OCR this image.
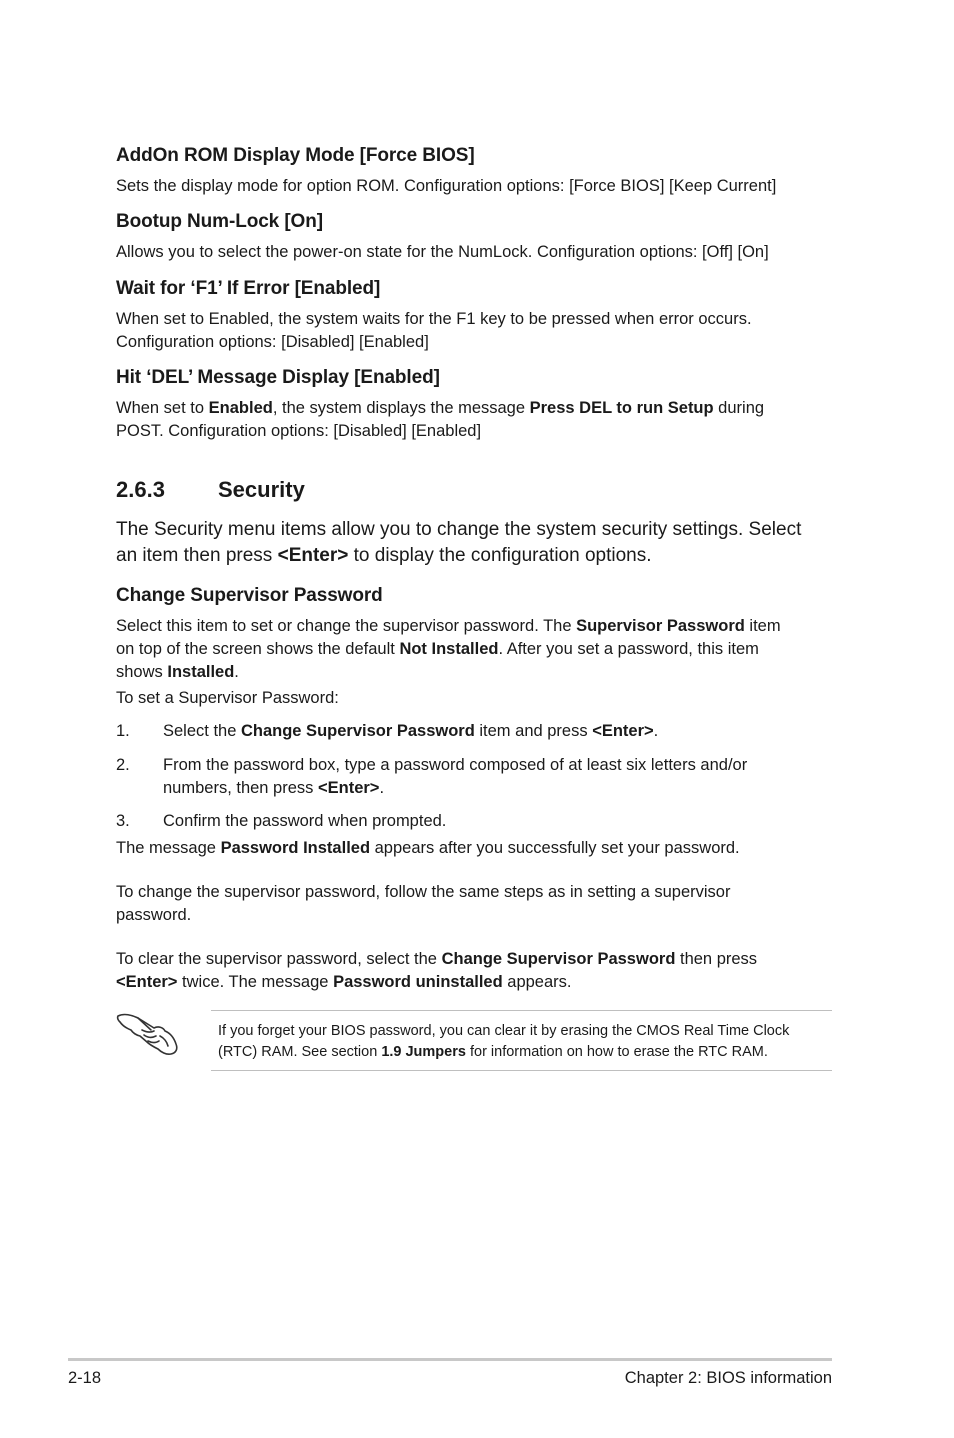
AddOn ROM Display Mode [Force BIOS]
Sets the display mode for option ROM. Configuration options: [Force BIOS] [Keep Current]
Bootup Num-Lock [On]
Allows you to select the power-on state for the NumLock. Configuration options: [Off] [On]
Wait for ‘F1’ If Error [Enabled]
When set to Enabled, the system waits for the F1 key to be pressed when error occurs.
Configuration options: [Disabled] [Enabled]
Hit ‘DEL’ Message Display [Enabled]
When set to Enabled, the system displays the message Press DEL to run Setup during
POST. Configuration options: [Disabled] [Enabled]
2.6.3 Security
The Security menu items allow you to change the system security settings. Select
an item then press <Enter> to display the configuration options.
Change Supervisor Password
Select this item to set or change the supervisor password. The Supervisor Password item
on top of the screen shows the default Not Installed. After you set a password, this item
shows Installed.
To set a Supervisor Password:
1. Select the Change Supervisor Password item and press <Enter>.
2. From the password box, type a password composed of at least six letters and/or
numbers, then press <Enter>.
3. Confirm the password when prompted.
The message Password Installed appears after you successfully set your password.
To change the supervisor password, follow the same steps as in setting a supervisor
password.
To clear the supervisor password, select the Change Supervisor Password then press
<Enter> twice. The message Password uninstalled appears.
If you forget your BIOS password, you can clear it by erasing the CMOS Real Time Clock
(RTC) RAM. See section 1.9 Jumpers for information on how to erase the RTC RAM.
2-18	Chapter 2: BIOS information
